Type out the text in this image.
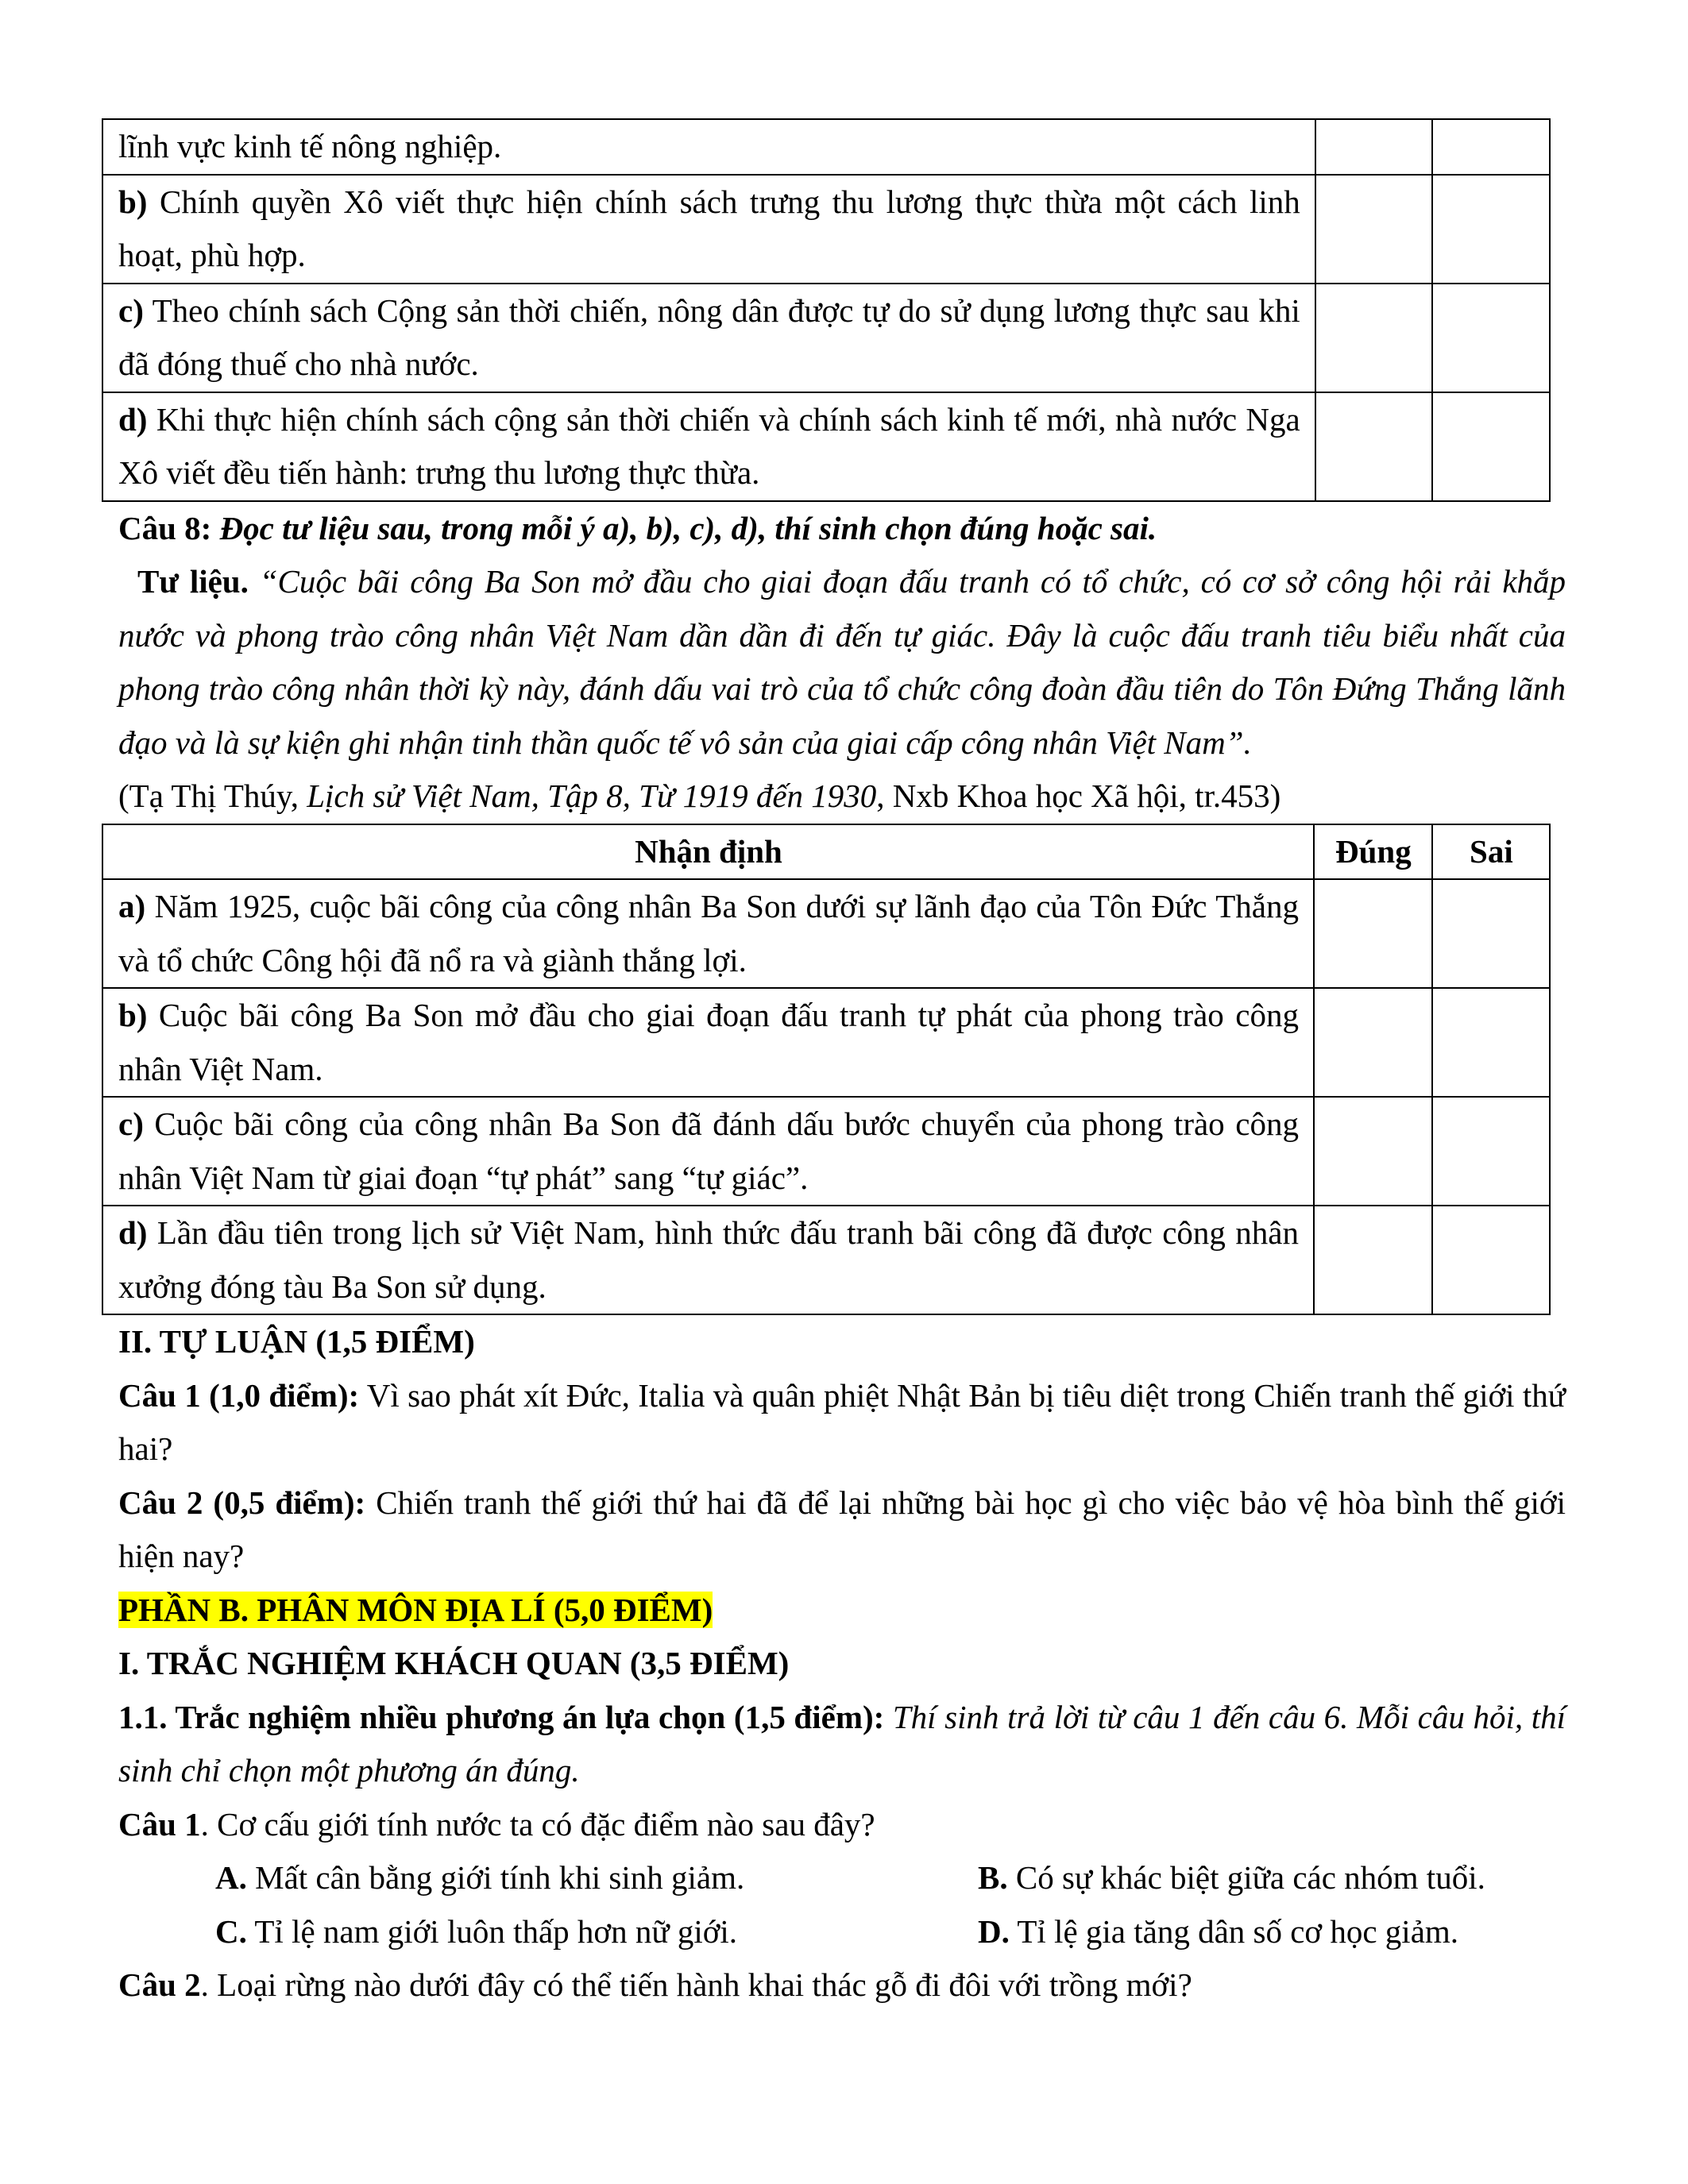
lĩnh vực kinh tế nông nghiệp.		
b) Chính quyền Xô viết thực hiện chính sách trưng thu lương thực thừa một cách linh hoạt, phù hợp.		
c) Theo chính sách Cộng sản thời chiến, nông dân được tự do sử dụng lương thực sau khi đã đóng thuế cho nhà nước.		
d) Khi thực hiện chính sách cộng sản thời chiến và chính sách kinh tế mới, nhà nước Nga Xô viết đều tiến hành: trưng thu lương thực thừa.		

Câu 8: Đọc tư liệu sau, trong mỗi ý a), b), c), d), thí sinh chọn đúng hoặc sai.

Tư liệu. “Cuộc bãi công Ba Son mở đầu cho giai đoạn đấu tranh có tổ chức, có cơ sở công hội rải khắp nước và phong trào công nhân Việt Nam dần dần đi đến tự giác. Đây là cuộc đấu tranh tiêu biểu nhất của phong trào công nhân thời kỳ này, đánh dấu vai trò của tổ chức công đoàn đầu tiên do Tôn Đứng Thắng lãnh đạo và là sự kiện ghi nhận tinh thần quốc tế vô sản của giai cấp công nhân Việt Nam”.

(Tạ Thị Thúy, Lịch sử Việt Nam, Tập 8, Từ 1919 đến 1930, Nxb Khoa học Xã hội, tr.453)

Nhận định	Đúng	Sai
a) Năm 1925, cuộc bãi công của công nhân Ba Son dưới sự lãnh đạo của Tôn Đức Thắng và tổ chức Công hội đã nổ ra và giành thắng lợi.		
b) Cuộc bãi công Ba Son mở đầu cho giai đoạn đấu tranh tự phát của phong trào công nhân Việt Nam.		
c) Cuộc bãi công của công nhân Ba Son đã đánh dấu bước chuyển của phong trào công nhân Việt Nam từ giai đoạn “tự phát” sang “tự giác”.		
d) Lần đầu tiên trong lịch sử Việt Nam, hình thức đấu tranh bãi công đã được công nhân xưởng đóng tàu Ba Son sử dụng.		

II. TỰ LUẬN (1,5 ĐIỂM)

Câu 1 (1,0 điểm): Vì sao phát xít Đức, Italia và quân phiệt Nhật Bản bị tiêu diệt trong Chiến tranh thế giới thứ hai?

Câu 2 (0,5 điểm): Chiến tranh thế giới thứ hai đã để lại những bài học gì cho việc bảo vệ hòa bình thế giới hiện nay?

PHẦN B. PHÂN MÔN ĐỊA LÍ (5,0 ĐIỂM)

I. TRẮC NGHIỆM KHÁCH QUAN (3,5 ĐIỂM)

1.1. Trắc nghiệm nhiều phương án lựa chọn (1,5 điểm): Thí sinh trả lời từ câu 1 đến câu 6. Mỗi câu hỏi, thí sinh chỉ chọn một phương án đúng.

Câu 1. Cơ cấu giới tính nước ta có đặc điểm nào sau đây?

A. Mất cân bằng giới tính khi sinh giảm.	B. Có sự khác biệt giữa các nhóm tuổi.
C. Tỉ lệ nam giới luôn thấp hơn nữ giới.	D. Tỉ lệ gia tăng dân số cơ học giảm.

Câu 2. Loại rừng nào dưới đây có thể tiến hành khai thác gỗ đi đôi với trồng mới?
